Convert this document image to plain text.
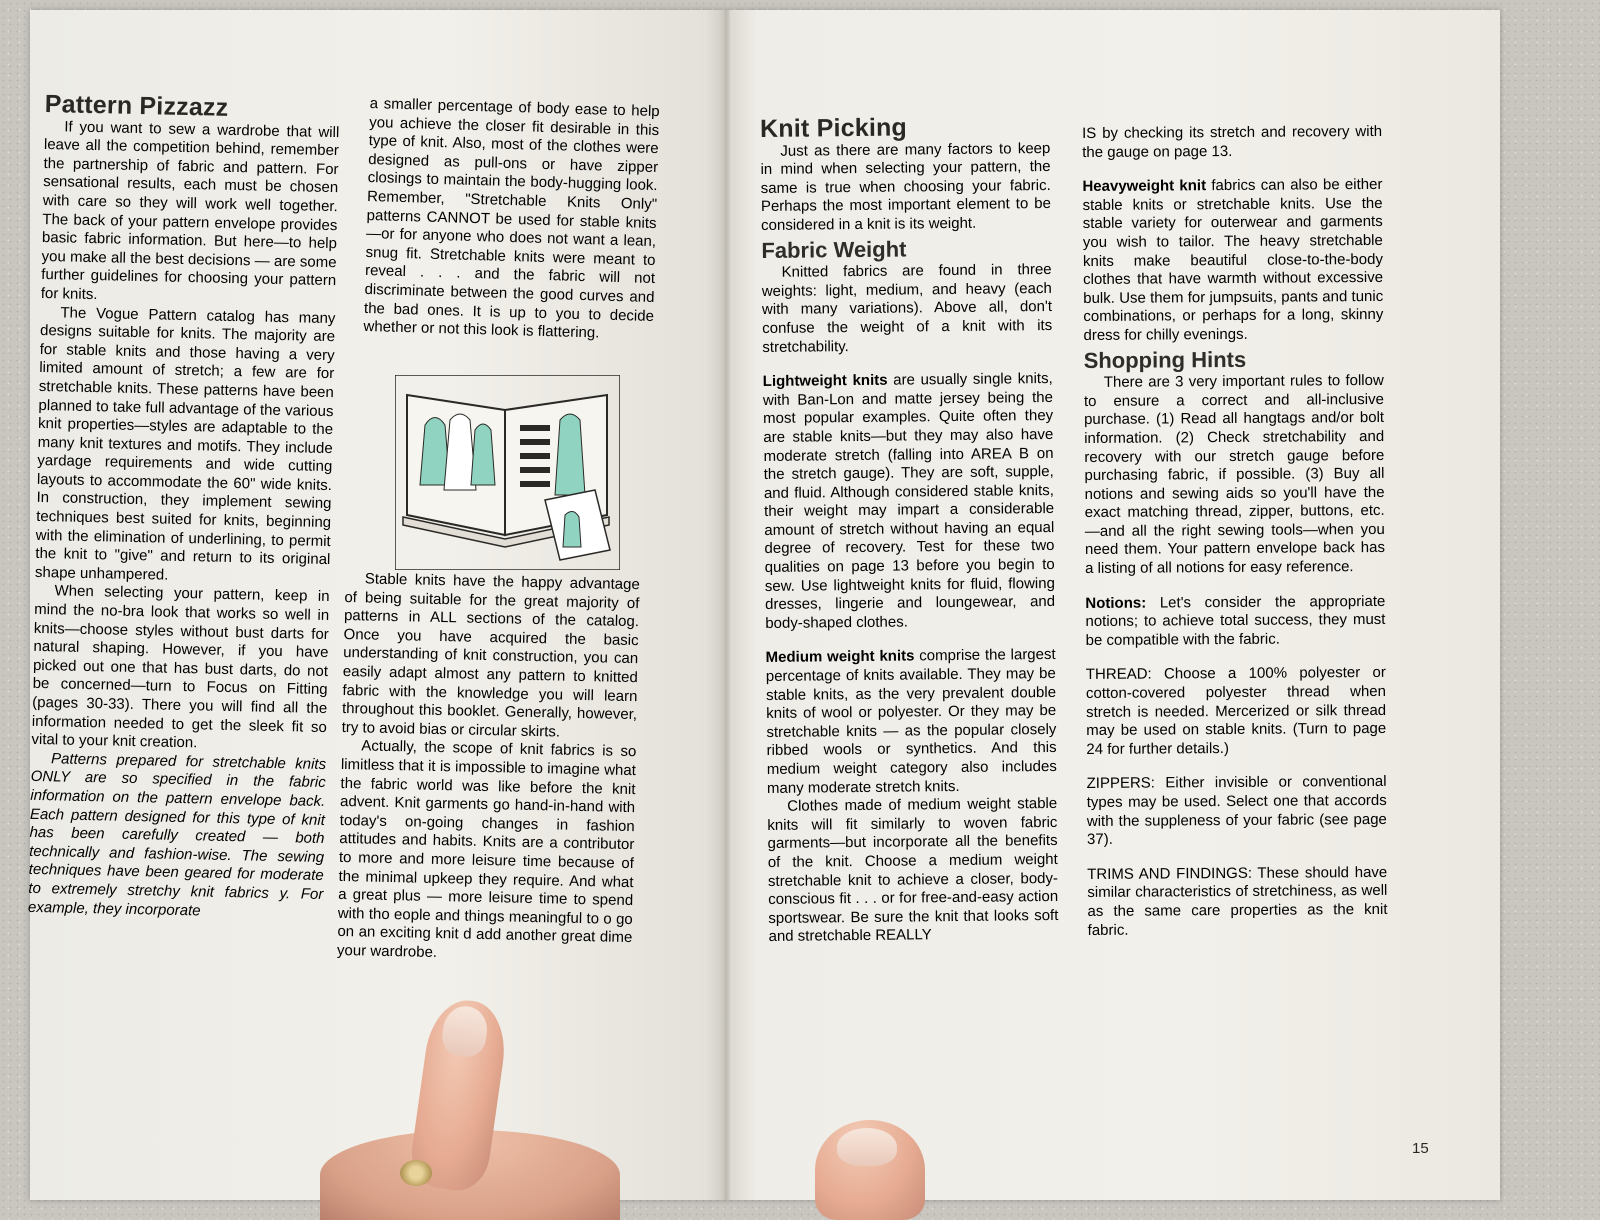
Pattern Pizzazz

If you want to sew a wardrobe that will leave all the competition behind, remember the partnership of fabric and pattern. For sensational results, each must be chosen with care so they will work well together. The back of your pattern envelope provides basic fabric information. But here—to help you make all the best decisions — are some further guidelines for choosing your pattern for knits.

The Vogue Pattern catalog has many designs suitable for knits. The majority are for stable knits and those having a very limited amount of stretch; a few are for stretchable knits. These patterns have been planned to take full advantage of the various knit properties—styles are adaptable to the many knit textures and motifs. They include yardage requirements and wide cutting layouts to accommodate the 60" wide knits. In construction, they implement sewing techniques best suited for knits, beginning with the elimination of underlining, to permit the knit to "give" and return to its original shape unhampered.

When selecting your pattern, keep in mind the no-bra look that works so well in knits—choose styles without bust darts for natural shaping. However, if you have picked out one that has bust darts, do not be concerned—turn to Focus on Fitting (pages 30-33). There you will find all the information needed to get the sleek fit so vital to your knit creation.

Patterns prepared for stretchable knits ONLY are so specified in the fabric information on the pattern envelope back. Each pattern designed for this type of knit has been carefully created — both technically and fashion-wise. The sewing techniques have been geared for moderate to extremely stretchy knit fabrics y. For example, they incorporate

a smaller percentage of body ease to help you achieve the closer fit desirable in this type of knit. Also, most of the clothes were designed as pull-ons or have zipper closings to maintain the body-hugging look. Remember, "Stretchable Knits Only" patterns CANNOT be used for stable knits—or for anyone who does not want a lean, snug fit. Stretchable knits were meant to reveal . . . and the fabric will not discriminate between the good curves and the bad ones. It is up to you to decide whether or not this look is flattering.

Stable knits have the happy advantage of being suitable for the great majority of patterns in ALL sections of the catalog. Once you have acquired the basic understanding of knit construction, you can easily adapt almost any pattern to knitted fabric with the knowledge you will learn throughout this booklet. Generally, however, try to avoid bias or circular skirts.

Actually, the scope of knit fabrics is so limitless that it is impossible to imagine what the fabric world was like before the knit advent. Knit garments go hand-in-hand with today's on-going changes in fashion attitudes and habits. Knits are a contributor to more and more leisure time because of the minimal upkeep they require. And what a great plus — more leisure time to spend with tho eople and things meaningful to o go on an exciting knit d add another great dime your wardrobe.

Knit Picking

Just as there are many factors to keep in mind when selecting your pattern, the same is true when choosing your fabric. Perhaps the most important element to be considered in a knit is its weight.

Fabric Weight

Knitted fabrics are found in three weights: light, medium, and heavy (each with many variations). Above all, don't confuse the weight of a knit with its stretchability.

Lightweight knits are usually single knits, with Ban-Lon and matte jersey being the most popular examples. Quite often they are stable knits—but they may also have moderate stretch (falling into AREA B on the stretch gauge). They are soft, supple, and fluid. Although considered stable knits, their weight may impart a considerable amount of stretch without having an equal degree of recovery. Test for these two qualities on page 13 before you begin to sew. Use lightweight knits for fluid, flowing dresses, lingerie and loungewear, and body-shaped clothes.

Medium weight knits comprise the largest percentage of knits available. They may be stable knits, as the very prevalent double knits of wool or polyester. Or they may be stretchable knits — as the popular closely ribbed wools or synthetics. And this medium weight category also includes many moderate stretch knits.

Clothes made of medium weight stable knits will fit similarly to woven fabric garments—but incorporate all the benefits of the knit. Choose a medium weight stretchable knit to achieve a closer, body-conscious fit . . . or for free-and-easy action sportswear. Be sure the knit that looks soft and stretchable REALLY

IS by checking its stretch and recovery with the gauge on page 13.

Heavyweight knit fabrics can also be either stable knits or stretchable knits. Use the stable variety for outerwear and garments you wish to tailor. The heavy stretchable knits make beautiful close-to-the-body clothes that have warmth without excessive bulk. Use them for jumpsuits, pants and tunic combinations, or perhaps for a long, skinny dress for chilly evenings.

Shopping Hints

There are 3 very important rules to follow to ensure a correct and all-inclusive purchase. (1) Read all hangtags and/or bolt information. (2) Check stretchability and recovery with our stretch gauge before purchasing fabric, if possible. (3) Buy all notions and sewing aids so you'll have the exact matching thread, zipper, buttons, etc.—and all the right sewing tools—when you need them. Your pattern envelope back has a listing of all notions for easy reference.

Notions: Let's consider the appropriate notions; to achieve total success, they must be compatible with the fabric.

THREAD: Choose a 100% polyester or cotton-covered polyester thread when stretch is needed. Mercerized or silk thread may be used on stable knits. (Turn to page 24 for further details.)

ZIPPERS: Either invisible or conventional types may be used. Select one that accords with the suppleness of your fabric (see page 37).

TRIMS AND FINDINGS: These should have similar characteristics of stretchiness, as well as the same care properties as the knit fabric.

15
